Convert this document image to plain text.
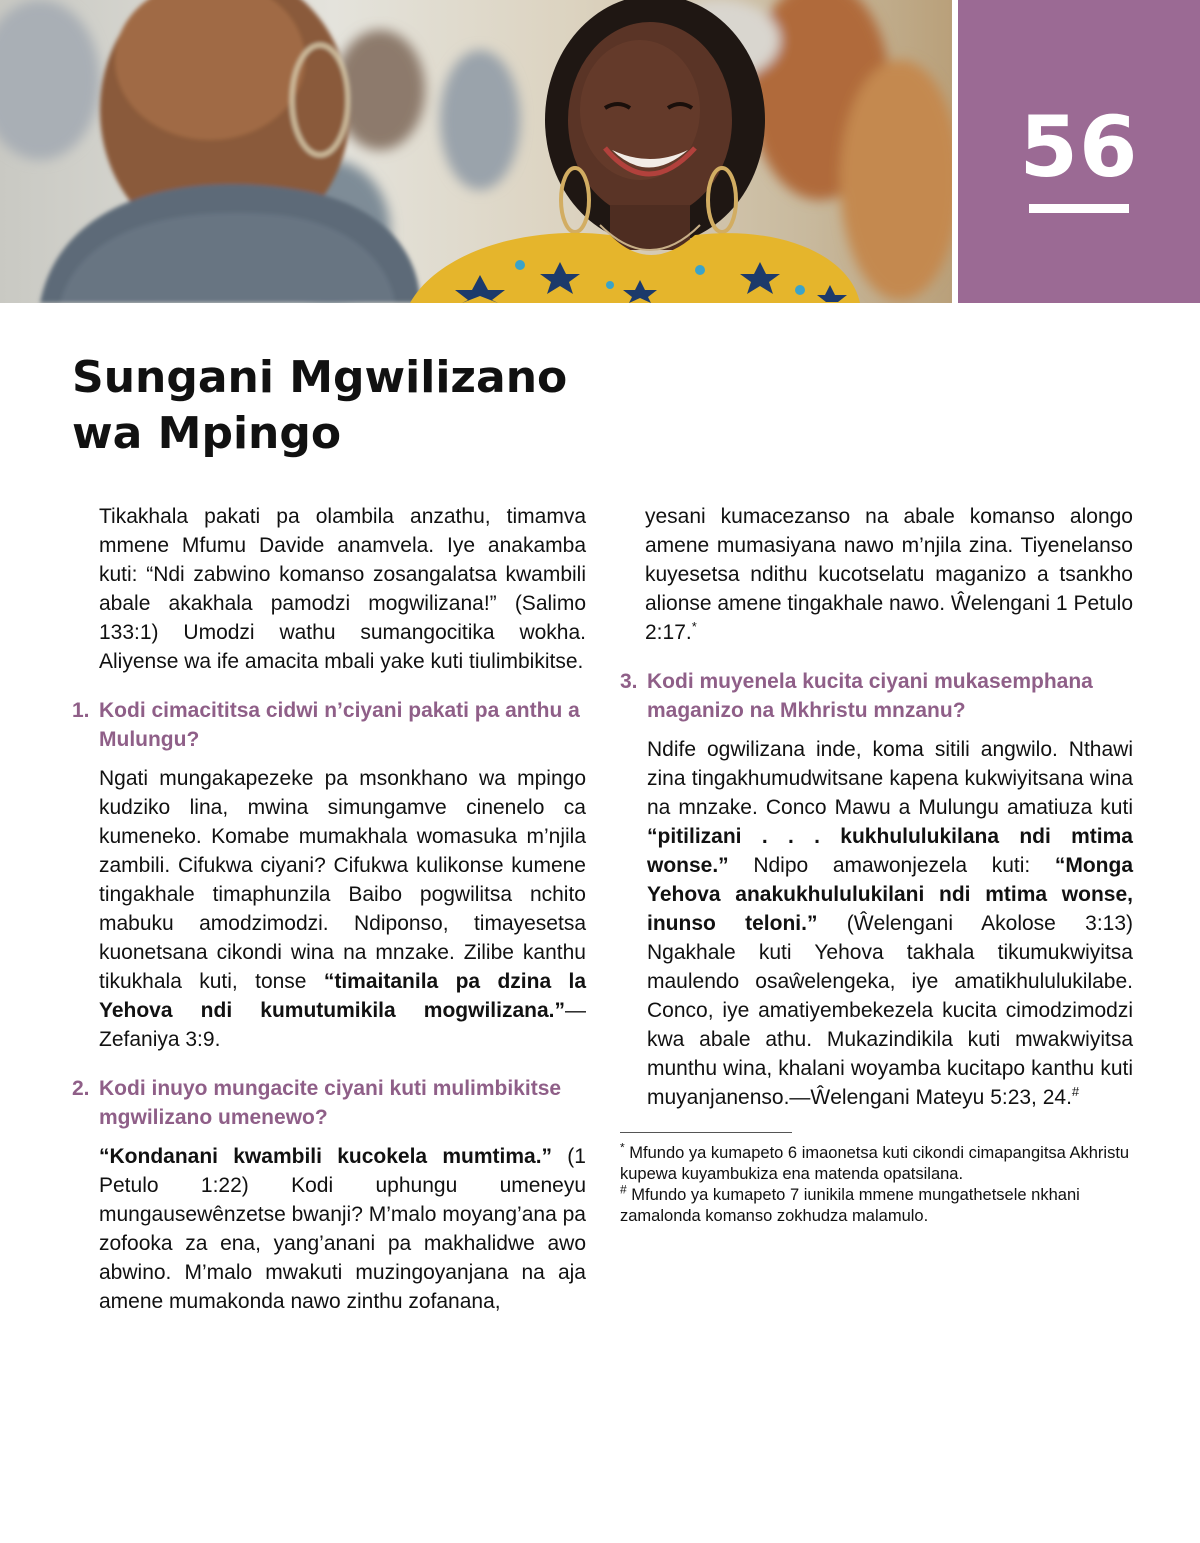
56
Sungani Mgwilizano
wa Mpingo

Tikakhala pakati pa olambila anzathu, timamva mmene Mfumu Davide anamvela. Iye anakamba kuti: “Ndi zabwino komanso zosangalatsa kwambili abale akakhala pamodzi mogwilizana!” (Salimo 133:1) Umodzi wathu sumangocitika wokha. Aliyense wa ife amacita mbali yake kuti tiulimbikitse.

1. Kodi cimacititsa cidwi n’ciyani pakati pa anthu a Mulungu?

Ngati mungakapezeke pa msonkhano wa mpingo kudziko lina, mwina simungamve cinenelo ca kumeneko. Komabe mumakhala womasuka m’njila zambili. Cifukwa ciyani? Cifukwa kulikonse kumene tingakhale timaphunzila Baibo pogwilitsa nchito mabuku amodzimodzi. Ndiponso, timayesetsa kuonetsana cikondi wina na mnzake. Zilibe kanthu tikukhala kuti, tonse “timaitanila pa dzina la Yehova ndi kumutumikila mogwilizana.”—Zefaniya 3:9.

2. Kodi inuyo mungacite ciyani kuti mulimbikitse mgwilizano umenewo?

“Kondanani kwambili kucokela mumtima.” (1 Petulo 1:22) Kodi uphungu umeneyu mungausewênzetse bwanji? M’malo moyang’ana pa zofooka za ena, yang’anani pa makhalidwe awo abwino. M’malo mwakuti muzingoyanjana na aja amene mumakonda nawo zinthu zofanana,

yesani kumacezanso na abale komanso alongo amene mumasiyana nawo m’njila zina. Tiyenelanso kuyesetsa ndithu kucotselatu maganizo a tsankho alionse amene tingakhale nawo. Ŵelengani 1 Petulo 2:17.*

3. Kodi muyenela kucita ciyani mukasemphana maganizo na Mkhristu mnzanu?

Ndife ogwilizana inde, koma sitili angwilo. Nthawi zina tingakhumudwitsane kapena kukwiyitsana wina na mnzake. Conco Mawu a Mulungu amatiuza kuti “pitilizani . . . kukhululukilana ndi mtima wonse.” Ndipo amawonjezela kuti: “Monga Yehova anakukhululukilani ndi mtima wonse, inunso teloni.” (Ŵelengani Akolose 3:13) Ngakhale kuti Yehova takhala tikumukwiyitsa maulendo osaŵelengeka, iye amatikhululukilabe. Conco, iye amatiyembekezela kucita cimodzimodzi kwa abale athu. Mukazindikila kuti mwakwiyitsa munthu wina, khalani woyamba kucitapo kanthu kuti muyanjanenso.—Ŵelengani Mateyu 5:23, 24.#

* Mfundo ya kumapeto 6 imaonetsa kuti cikondi cimapangitsa Akhristu kupewa kuyambukiza ena matenda opatsilana.

# Mfundo ya kumapeto 7 iunikila mmene mungathetsele nkhani zamalonda komanso zokhudza malamulo.
